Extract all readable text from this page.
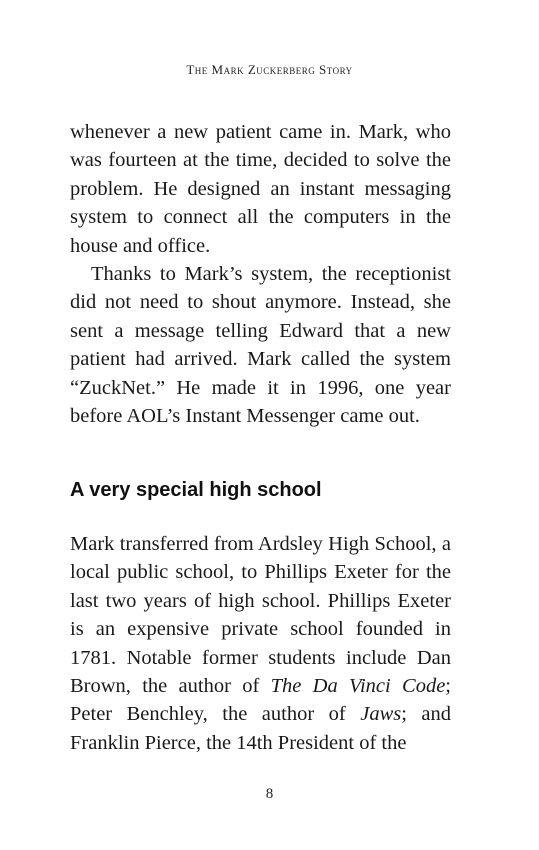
The Mark Zuckerberg Story

whenever a new patient came in. Mark, who was fourteen at the time, decided to solve the problem. He designed an instant messaging system to connect all the computers in the house and office.

Thanks to Mark’s system, the receptionist did not need to shout anymore. Instead, she sent a message telling Edward that a new patient had arrived. Mark called the system “ZuckNet.” He made it in 1996, one year before AOL’s Instant Messenger came out.

A very special high school

Mark transferred from Ardsley High School, a local public school, to Phillips Exeter for the last two years of high school. Phillips Exeter is an expensive private school founded in 1781. Notable former students include Dan Brown, the author of The Da Vinci Code; Peter Benchley, the author of Jaws; and Franklin Pierce, the 14th President of the

8
